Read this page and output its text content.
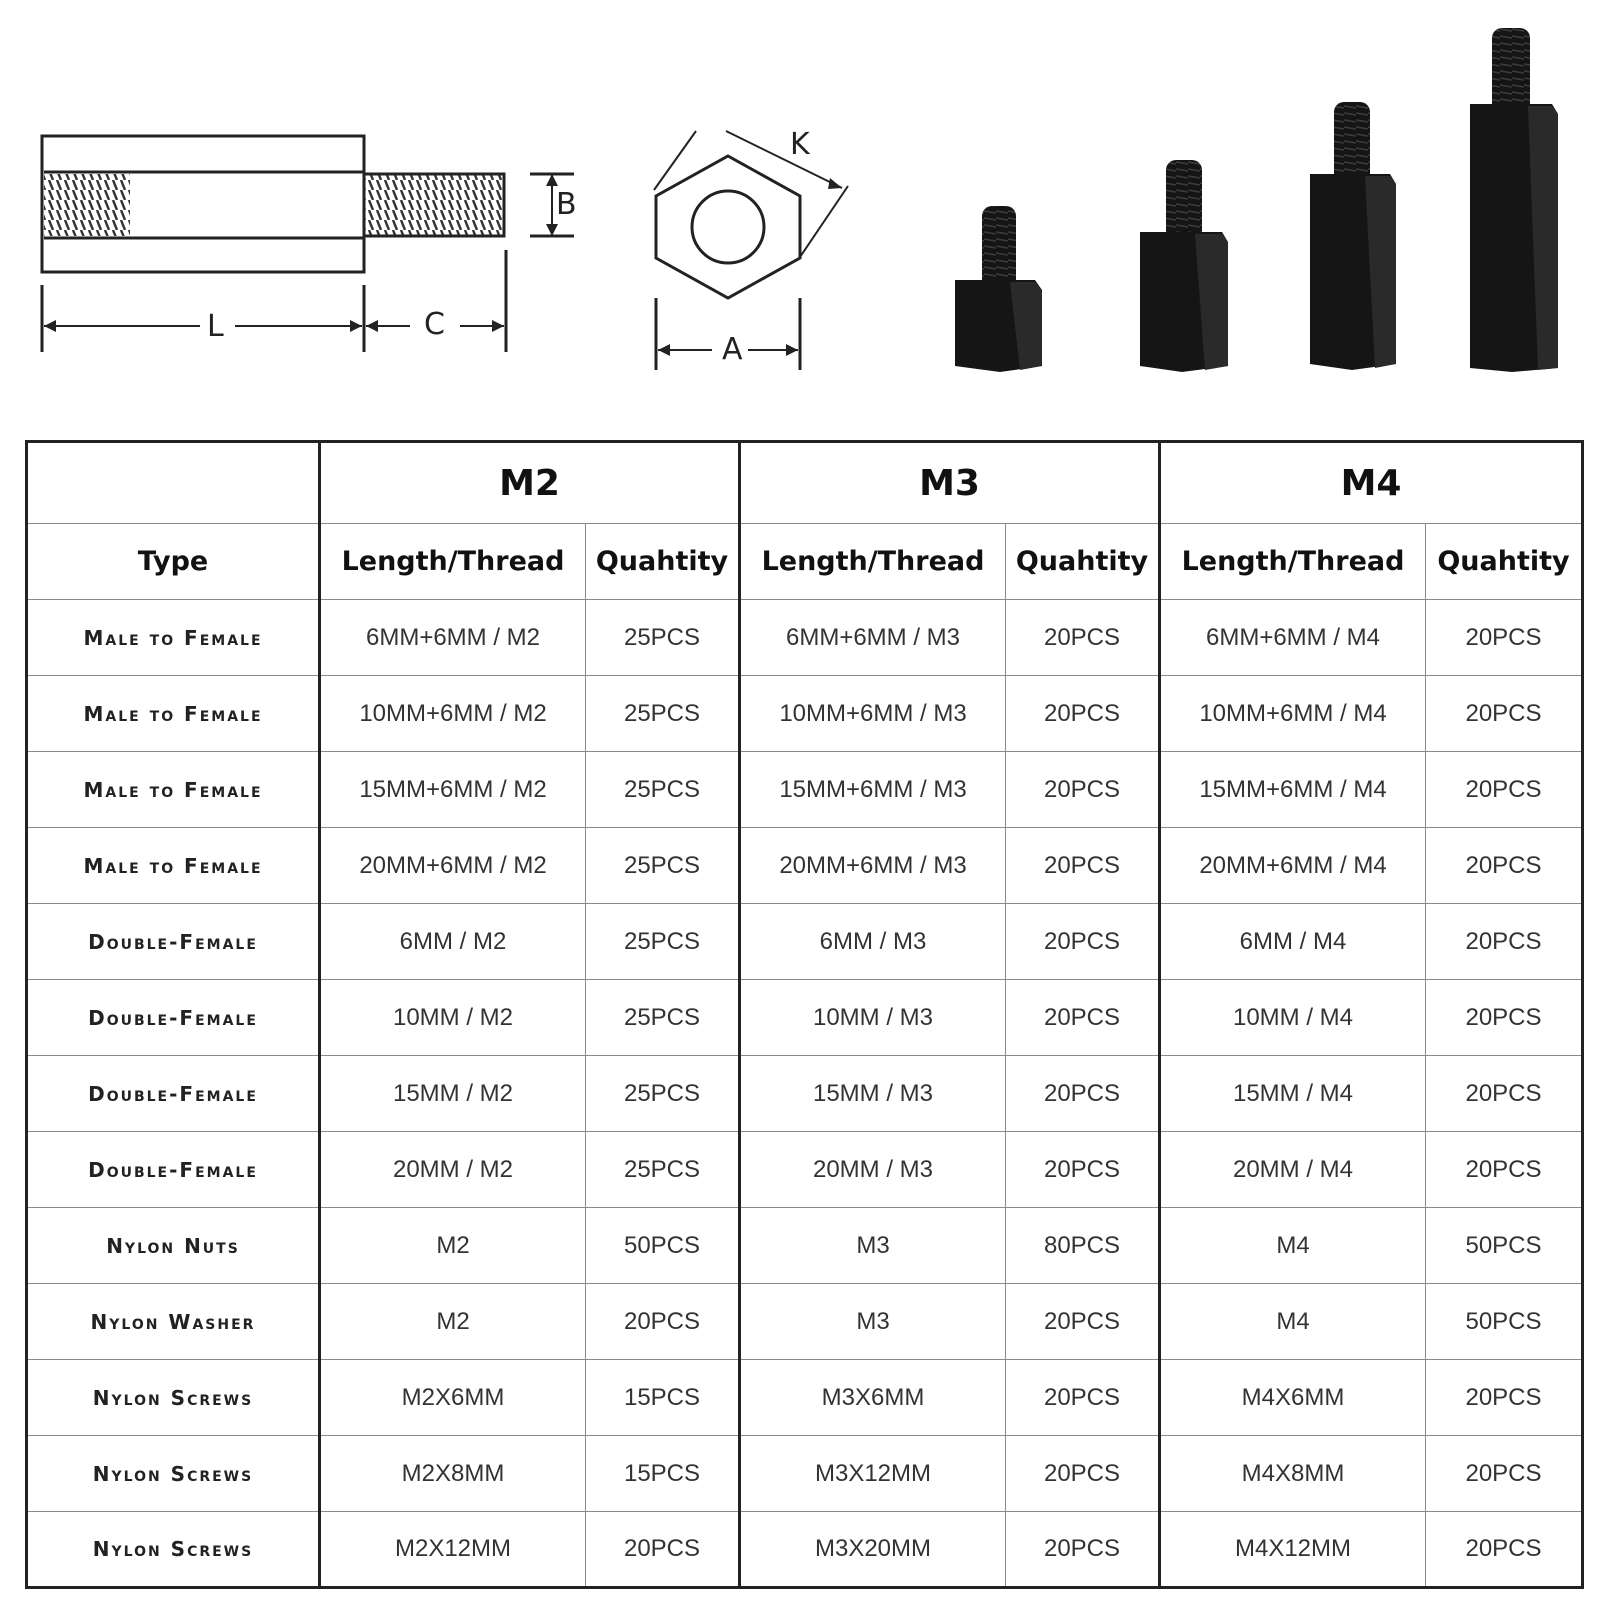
L	C
B
K
A
	M2		M3		M4	
Type	Length/Thread	Quahtity	Length/Thread	Quahtity	Length/Thread	Quahtity
Male to Female	6MM+6MM / M2	25PCS	6MM+6MM / M3	20PCS	6MM+6MM / M4	20PCS
Male to Female	10MM+6MM / M2	25PCS	10MM+6MM / M3	20PCS	10MM+6MM / M4	20PCS
Male to Female	15MM+6MM / M2	25PCS	15MM+6MM / M3	20PCS	15MM+6MM / M4	20PCS
Male to Female	20MM+6MM / M2	25PCS	20MM+6MM / M3	20PCS	20MM+6MM / M4	20PCS
Double-Female	6MM / M2	25PCS	6MM / M3	20PCS	6MM / M4	20PCS
Double-Female	10MM / M2	25PCS	10MM / M3	20PCS	10MM / M4	20PCS
Double-Female	15MM / M2	25PCS	15MM / M3	20PCS	15MM / M4	20PCS
Double-Female	20MM / M2	25PCS	20MM / M3	20PCS	20MM / M4	20PCS
Nylon Nuts	M2	50PCS	M3	80PCS	M4	50PCS
Nylon Washer	M2	20PCS	M3	20PCS	M4	50PCS
Nylon Screws	M2X6MM	15PCS	M3X6MM	20PCS	M4X6MM	20PCS
Nylon Screws	M2X8MM	15PCS	M3X12MM	20PCS	M4X8MM	20PCS
Nylon Screws	M2X12MM	20PCS	M3X20MM	20PCS	M4X12MM	20PCS
